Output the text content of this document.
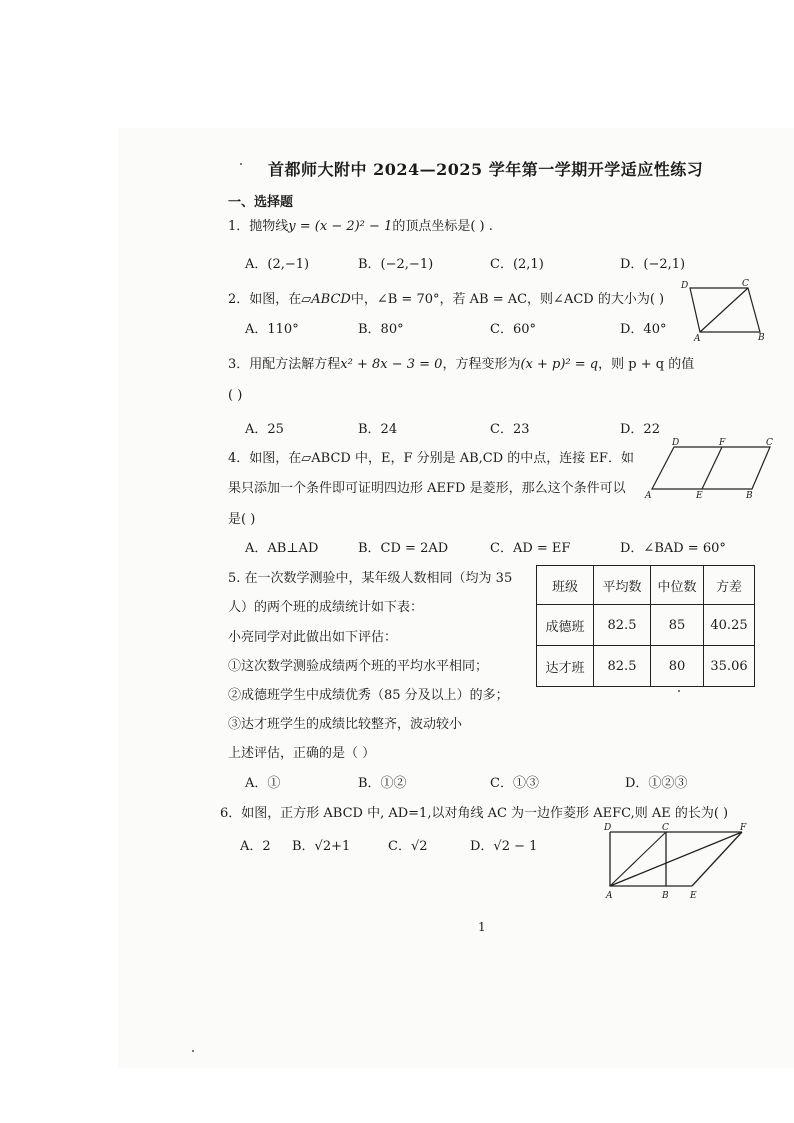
首都师大附中 2024—2025 学年第一学期开学适应性练习
一、选择题
1．抛物线y = (x − 2)² − 1的顶点坐标是( ) .
A．(2,−1)	B．(−2,−1)	C．(2,1)	D．(−2,1)
2．如图，在▱ABCD中，∠B = 70°，若 AB = AC，则∠ACD 的大小为( )
A．110°	B．80°	C．60°	D．40°
D	C
A	B
3．用配方法解方程x² + 8x − 3 = 0，方程变形为(x + p)² = q，则 p + q 的值
( )
A．25	B．24	C．23	D．22
4．如图，在▱ABCD 中，E，F 分别是 AB,CD 的中点，连接 EF．如
果只添加一个条件即可证明四边形 AEFD 是菱形，那么这个条件可以
是( )
A．AB⊥AD	B．CD = 2AD	C．AD = EF	D．∠BAD = 60°
D	F	C
A	E	B
5. 在一次数学测验中，某年级人数相同（均为 35
人）的两个班的成绩统计如下表：
小亮同学对此做出如下评估：
①这次数学测验成绩两个班的平均水平相同；
②成德班学生中成绩优秀（85 分及以上）的多；
③达才班学生的成绩比较整齐，波动较小
上述评估，正确的是（ ）
A．①	B．①②	C．①③	D．①②③
班级	平均数	中位数	方差
成德班	82.5	85	40.25
达才班	82.5	80	35.06
6．如图，正方形 ABCD 中, AD=1,以对角线 AC 为一边作菱形 AEFC,则 AE 的长为( )
A．2 B．√2+1	C．√2	D．√2 − 1
D	C	F
A	B E
1
